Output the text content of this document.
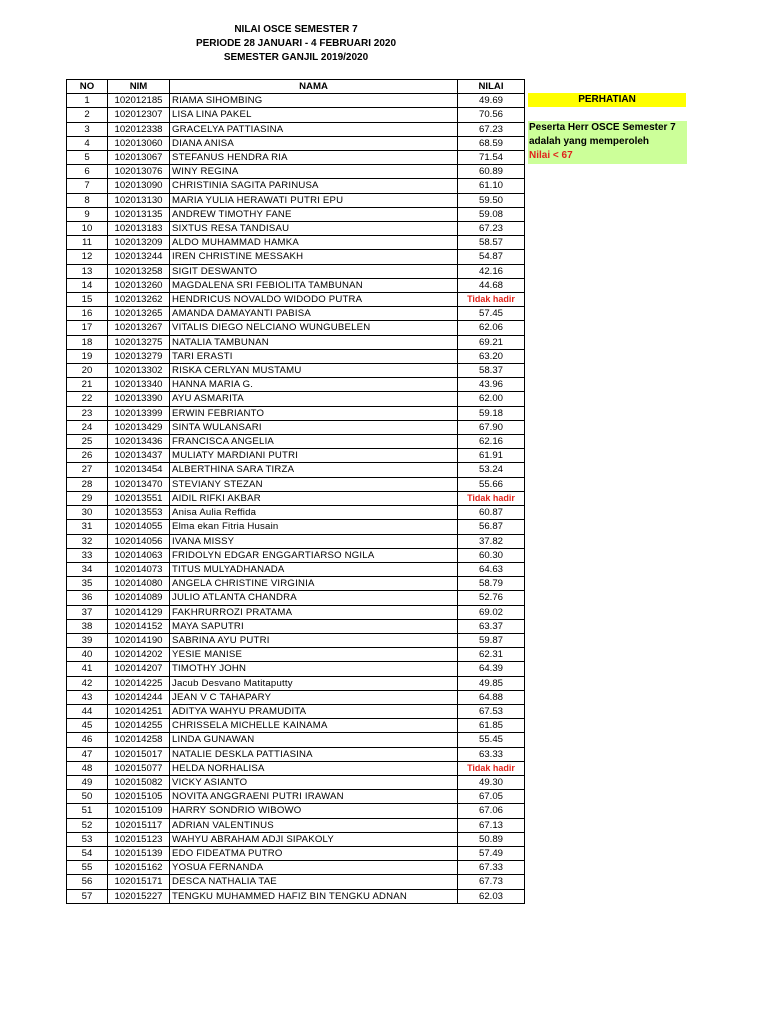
NILAI OSCE SEMESTER 7
PERIODE 28 JANUARI - 4 FEBRUARI 2020
SEMESTER GANJIL 2019/2020
NO	NIM	NAMA	NILAI
1	102012185	RIAMA SIHOMBING	49.69
2	102012307	LISA LINA PAKEL	70.56
3	102012338	GRACELYA PATTIASINA	67.23
4	102013060	DIANA ANISA	68.59
5	102013067	STEFANUS HENDRA RIA	71.54
6	102013076	WINY REGINA	60.89
7	102013090	CHRISTINIA SAGITA PARINUSA	61.10
8	102013130	MARIA YULIA HERAWATI PUTRI EPU	59.50
9	102013135	ANDREW TIMOTHY FANE	59.08
10	102013183	SIXTUS RESA TANDISAU	67.23
11	102013209	ALDO MUHAMMAD HAMKA	58.57
12	102013244	IREN CHRISTINE MESSAKH	54.87
13	102013258	SIGIT DESWANTO	42.16
14	102013260	MAGDALENA SRI FEBIOLITA TAMBUNAN	44.68
15	102013262	HENDRICUS NOVALDO WIDODO PUTRA	Tidak hadir
16	102013265	AMANDA DAMAYANTI PABISA	57.45
17	102013267	VITALIS DIEGO NELCIANO WUNGUBELEN	62.06
18	102013275	NATALIA TAMBUNAN	69.21
19	102013279	TARI ERASTI	63.20
20	102013302	RISKA CERLYAN MUSTAMU	58.37
21	102013340	HANNA MARIA G.	43.96
22	102013390	AYU ASMARITA	62.00
23	102013399	ERWIN FEBRIANTO	59.18
24	102013429	SINTA WULANSARI	67.90
25	102013436	FRANCISCA ANGELIA	62.16
26	102013437	MULIATY MARDIANI PUTRI	61.91
27	102013454	ALBERTHINA SARA TIRZA	53.24
28	102013470	STEVIANY STEZAN	55.66
29	102013551	AIDIL RIFKI AKBAR	Tidak hadir
30	102013553	Anisa Aulia Reffida	60.87
31	102014055	Elma ekan Fitria Husain	56.87
32	102014056	IVANA MISSY	37.82
33	102014063	FRIDOLYN EDGAR ENGGARTIARSO NGILA	60.30
34	102014073	TITUS MULYADHANADA	64.63
35	102014080	ANGELA CHRISTINE VIRGINIA	58.79
36	102014089	JULIO ATLANTA CHANDRA	52.76
37	102014129	FAKHRURROZI PRATAMA	69.02
38	102014152	MAYA SAPUTRI	63.37
39	102014190	SABRINA AYU PUTRI	59.87
40	102014202	YESIE MANISE	62.31
41	102014207	TIMOTHY JOHN	64.39
42	102014225	Jacub Desvano Matitaputty	49.85
43	102014244	JEAN V C TAHAPARY	64.88
44	102014251	ADITYA WAHYU PRAMUDITA	67.53
45	102014255	CHRISSELA MICHELLE KAINAMA	61.85
46	102014258	LINDA GUNAWAN	55.45
47	102015017	NATALIE DESKLA PATTIASINA	63.33
48	102015077	HELDA NORHALISA	Tidak hadir
49	102015082	VICKY ASIANTO	49.30
50	102015105	NOVITA ANGGRAENI PUTRI IRAWAN	67.05
51	102015109	HARRY SONDRIO WIBOWO	67.06
52	102015117	ADRIAN VALENTINUS	67.13
53	102015123	WAHYU ABRAHAM ADJI SIPAKOLY	50.89
54	102015139	EDO FIDEATMA PUTRO	57.49
55	102015162	YOSUA FERNANDA	67.33
56	102015171	DESCA NATHALIA TAE	67.73
57	102015227	TENGKU MUHAMMED HAFIZ BIN TENGKU ADNAN	62.03
PERHATIAN
Peserta Herr OSCE Semester 7
adalah yang memperoleh
Nilai < 67
